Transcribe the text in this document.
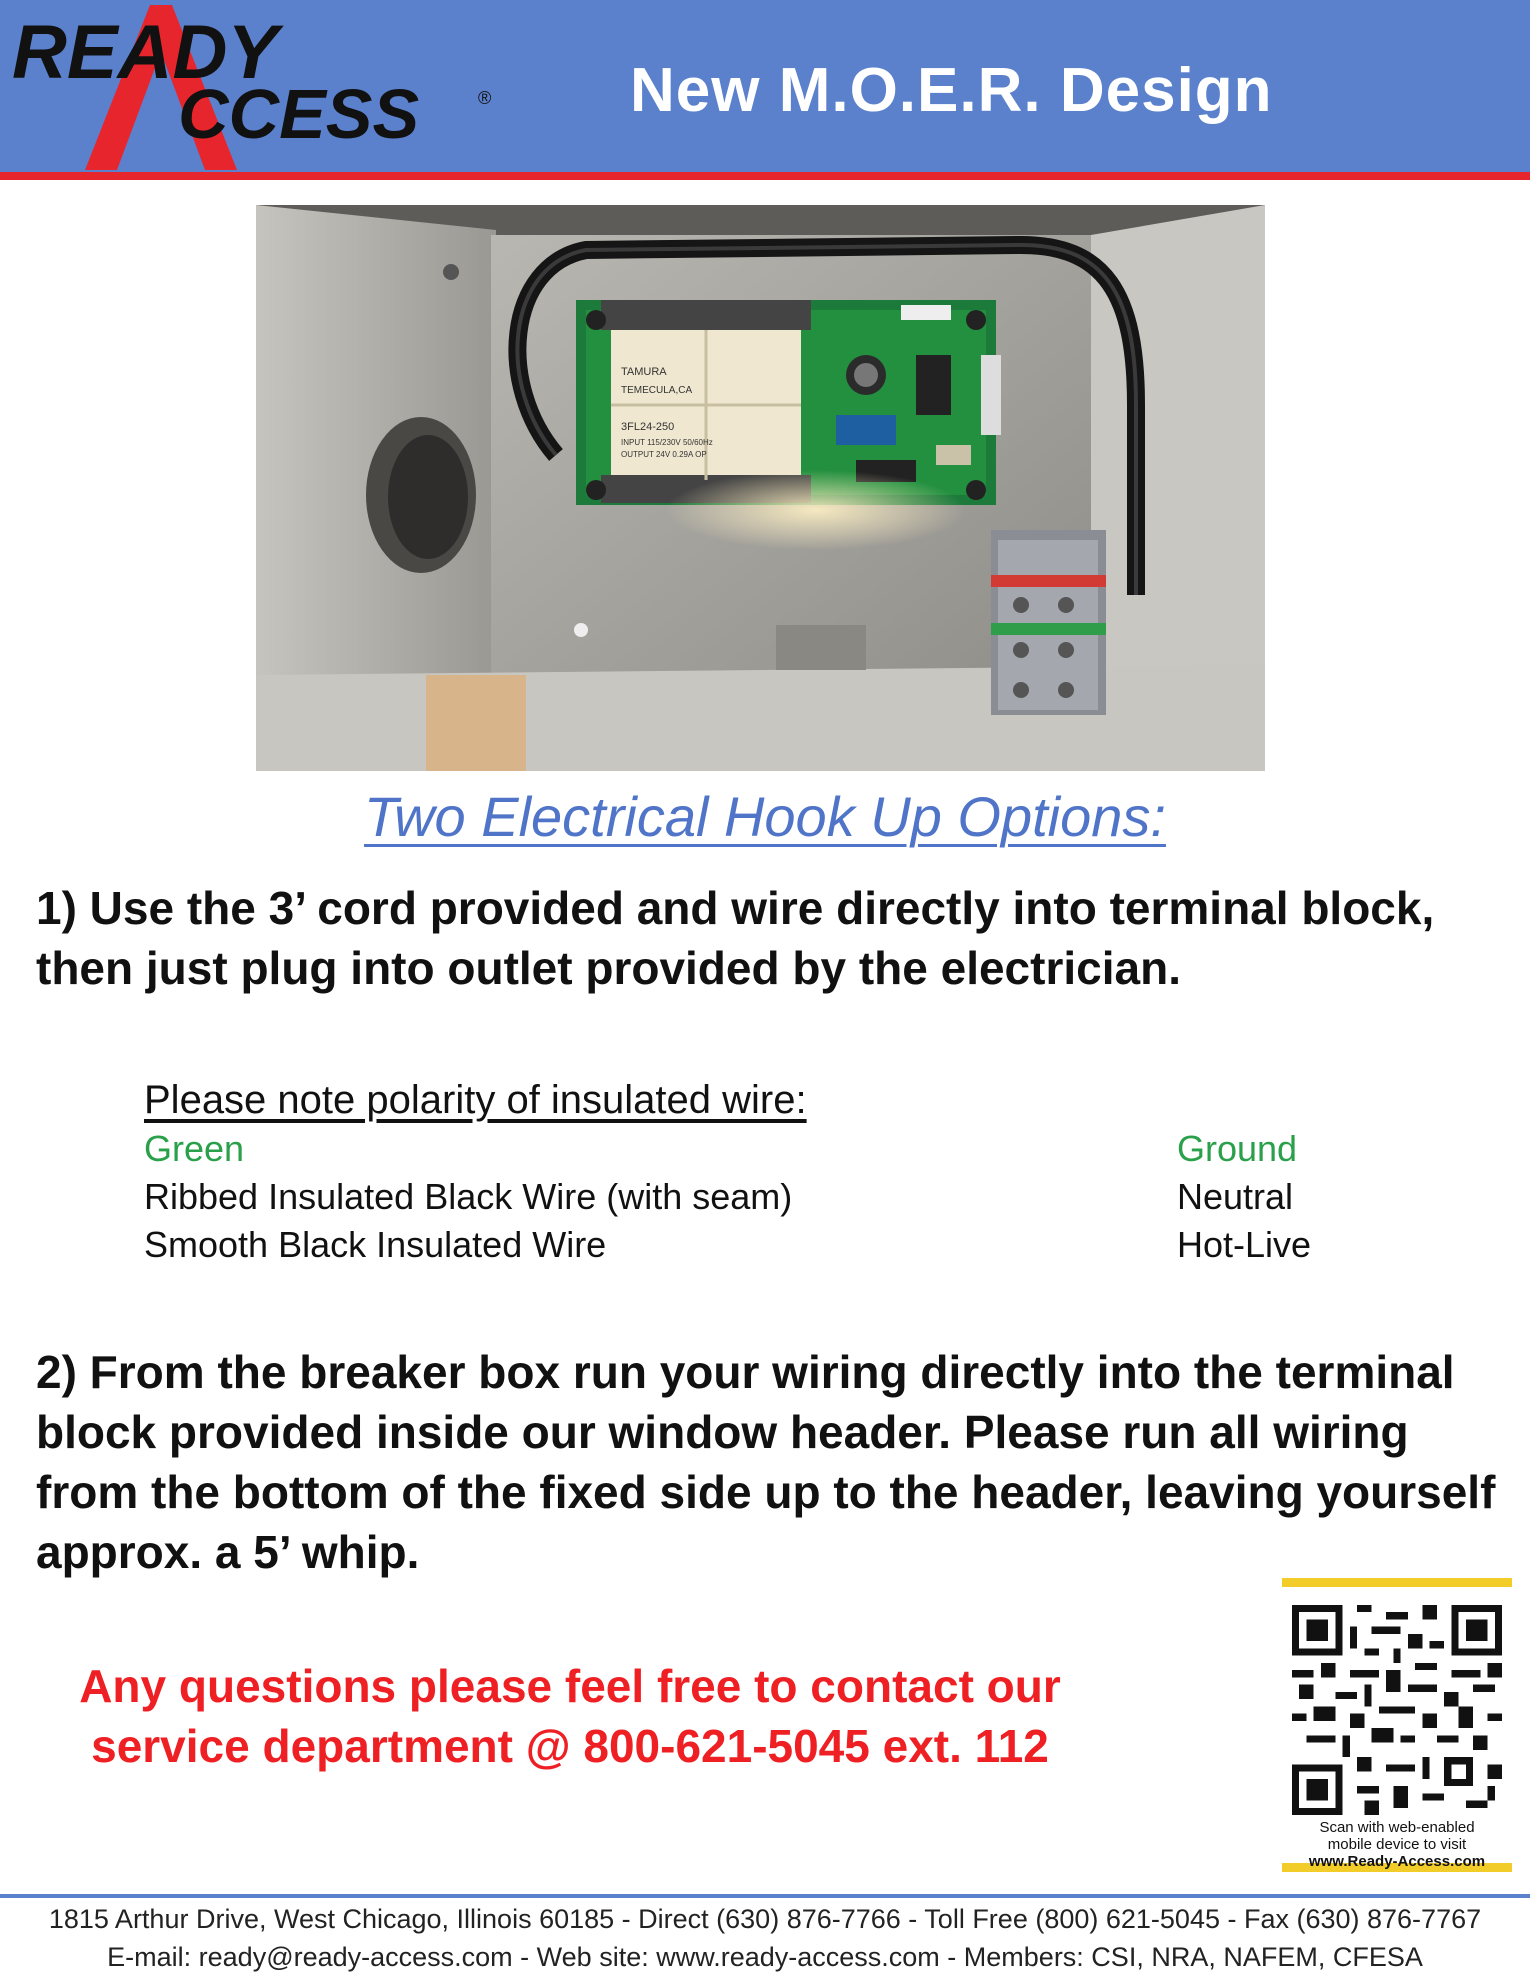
READY
CCESS	®	New M.O.E.R. Design
TAMURA
TEMECULA,CA
3FL24-250
INPUT 115/230V 50/60Hz
OUTPUT 24V 0.29A OP
Two Electrical Hook Up Options:
1) Use the 3’ cord provided and wire directly into terminal block, then just plug into outlet provided by the electrician.
Please note polarity of insulated wire:
Green	Ground
Ribbed Insulated Black Wire (with seam)	Neutral
Smooth Black Insulated Wire	Hot-Live
2) From the breaker box run your wiring directly into the terminal block provided inside our window header. Please run all wiring from the bottom of the fixed side up to the header, leaving yourself approx. a 5’ whip.
Any questions please feel free to contact our
service department @ 800-621-5045 ext. 112
Scan with web-enabled
mobile device to visit
www.Ready-Access.com
1815 Arthur Drive, West Chicago, Illinois 60185 - Direct (630) 876-7766 - Toll Free (800) 621-5045 - Fax (630) 876-7767
E-mail: ready@ready-access.com - Web site: www.ready-access.com - Members: CSI, NRA, NAFEM, CFESA
